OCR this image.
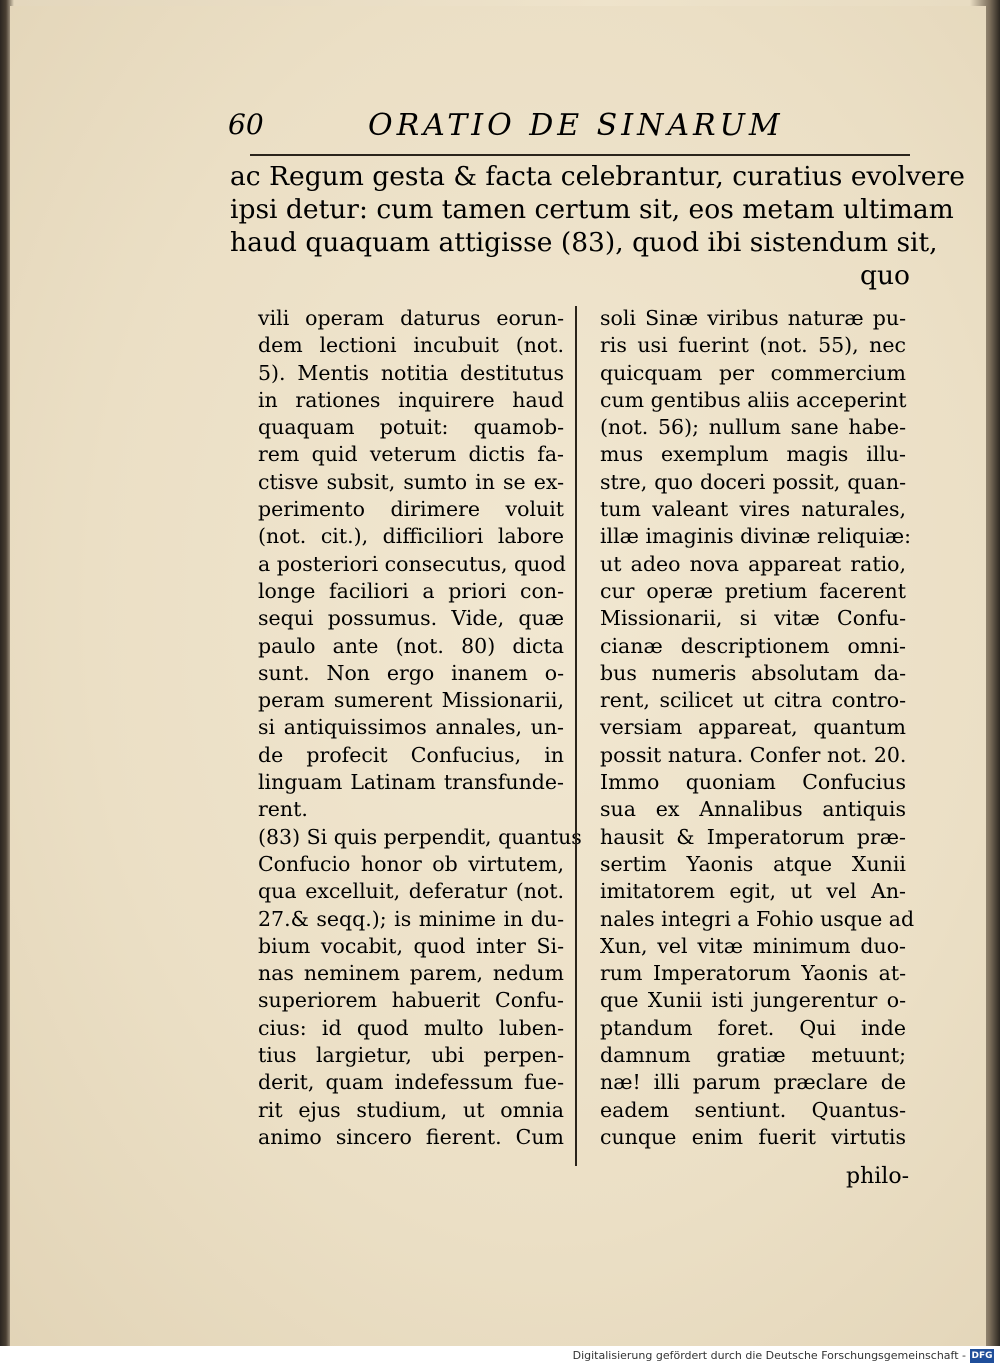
60	ORATIO DE SINARUM
ac Regum gesta & facta celebrantur, curatius evolvere
ipsi detur: cum tamen certum sit, eos metam ultimam
haud quaquam attigisse (83), quod ibi sistendum sit,
quo
vili operam daturus eorun-
dem lectioni incubuit (not.
5). Mentis notitia destitutus
in rationes inquirere haud
quaquam potuit: quamob-
rem quid veterum dictis fa-
ctisve subsit, sumto in se ex-
perimento dirimere voluit
(not. cit.), difficiliori labore
a posteriori consecutus, quod
longe faciliori a priori con-
sequi possumus. Vide, quæ
paulo ante (not. 80) dicta
sunt. Non ergo inanem o-
peram sumerent Missionarii,
si antiquissimos annales, un-
de profecit Confucius, in
linguam Latinam transfunde-
rent.
(83) Si quis perpendit, quantus
Confucio honor ob virtutem,
qua excelluit, deferatur (not.
27.& seqq.); is minime in du-
bium vocabit, quod inter Si-
nas neminem parem, nedum
superiorem habuerit Confu-
cius: id quod multo luben-
tius largietur, ubi perpen-
derit, quam indefessum fue-
rit ejus studium, ut omnia
animo sincero fierent. Cum
soli Sinæ viribus naturæ pu-
ris usi fuerint (not. 55), nec
quicquam per commercium
cum gentibus aliis acceperint
(not. 56); nullum sane habe-
mus exemplum magis illu-
stre, quo doceri possit, quan-
tum valeant vires naturales,
illæ imaginis divinæ reliquiæ:
ut adeo nova appareat ratio,
cur operæ pretium facerent
Missionarii, si vitæ Confu-
cianæ descriptionem omni-
bus numeris absolutam da-
rent, scilicet ut citra contro-
versiam appareat, quantum
possit natura. Confer not. 20.
Immo quoniam Confucius
sua ex Annalibus antiquis
hausit & Imperatorum præ-
sertim Yaonis atque Xunii
imitatorem egit, ut vel An-
nales integri a Fohio usque ad
Xun, vel vitæ minimum duo-
rum Imperatorum Yaonis at-
que Xunii isti jungerentur o-
ptandum foret. Qui inde
damnum gratiæ metuunt;
næ! illi parum præclare de
eadem sentiunt. Quantus-
cunque enim fuerit virtutis
philo-
Digitalisierung gefördert durch die Deutsche Forschungsgemeinschaft - DFG
